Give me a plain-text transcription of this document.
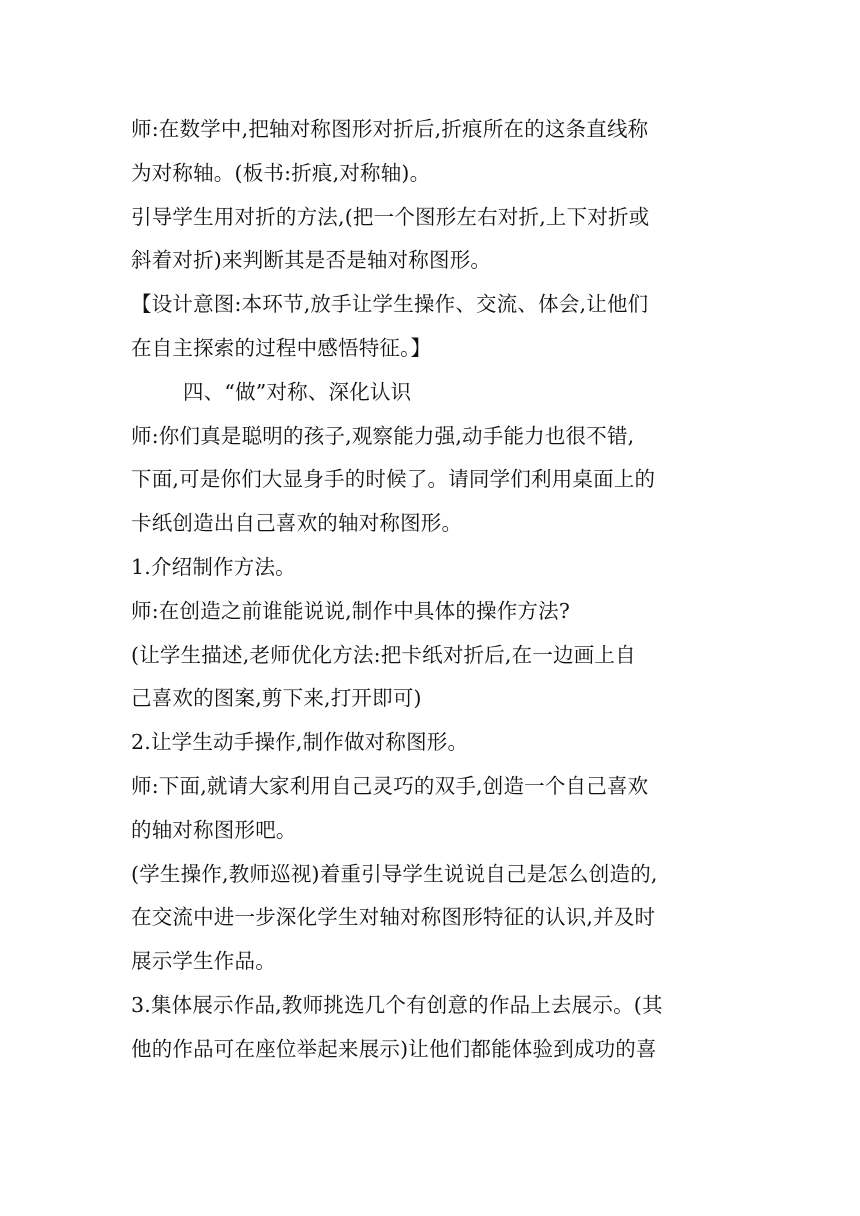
师:在数学中,把轴对称图形对折后,折痕所在的这条直线称
为对称轴。(板书:折痕,对称轴)。
引导学生用对折的方法,(把一个图形左右对折,上下对折或
斜着对折)来判断其是否是轴对称图形。
【设计意图:本环节,放手让学生操作、交流、体会,让他们
在自主探索的过程中感悟特征。】
四、“做”对称、深化认识
师:你们真是聪明的孩子,观察能力强,动手能力也很不错,
下面,可是你们大显身手的时候了。请同学们利用桌面上的
卡纸创造出自己喜欢的轴对称图形。
1.介绍制作方法。
师:在创造之前谁能说说,制作中具体的操作方法?
(让学生描述,老师优化方法:把卡纸对折后,在一边画上自
己喜欢的图案,剪下来,打开即可)
2.让学生动手操作,制作做对称图形。
师:下面,就请大家利用自己灵巧的双手,创造一个自己喜欢
的轴对称图形吧。
(学生操作,教师巡视)着重引导学生说说自己是怎么创造的,
在交流中进一步深化学生对轴对称图形特征的认识,并及时
展示学生作品。
3.集体展示作品,教师挑选几个有创意的作品上去展示。(其
他的作品可在座位举起来展示)让他们都能体验到成功的喜
